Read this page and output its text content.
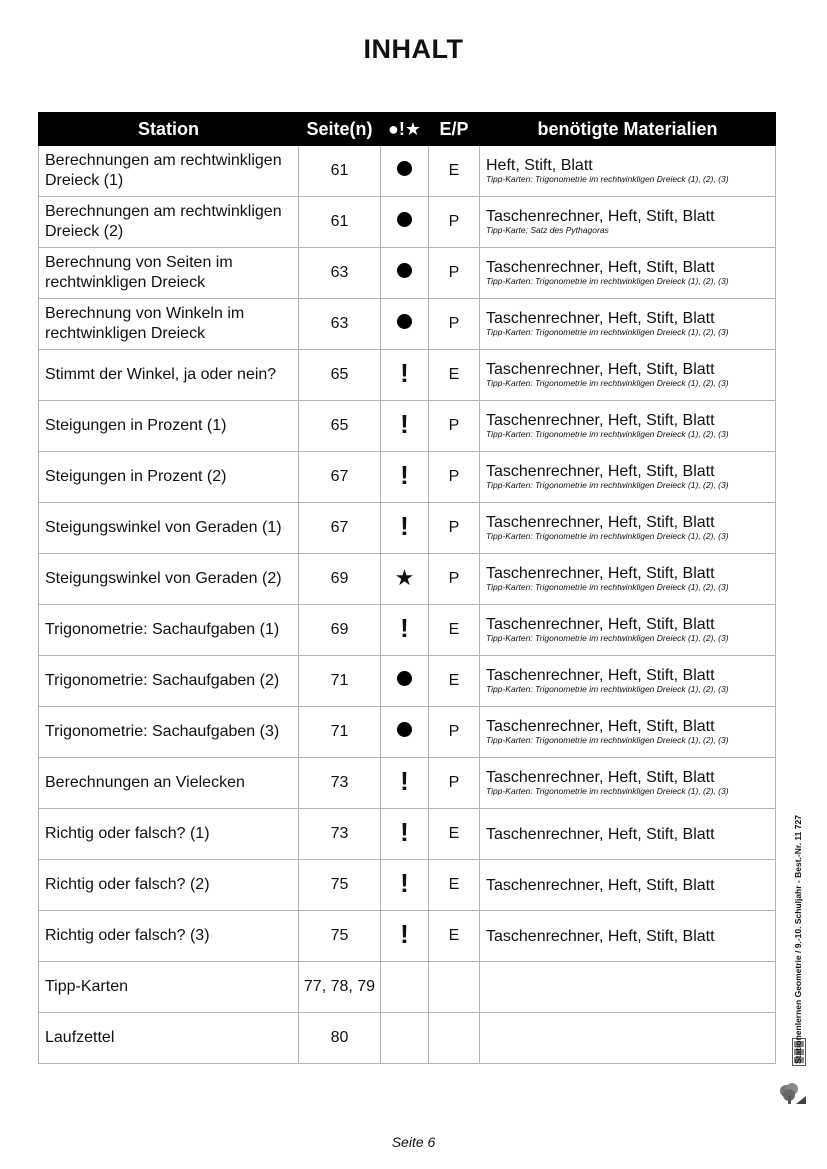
INHALT
Station	Seite(n)	●!★	E/P	benötigte Materialien
Berechnungen am rechtwinkligen Dreieck (1)	61		E	Heft, Stift, Blatt
Tipp-Karten: Trigonometrie im rechtwinkligen Dreieck (1), (2), (3)

Berechnungen am rechtwinkligen Dreieck (2)	61		P	Taschenrechner, Heft, Stift, Blatt
Tipp-Karte: Satz des Pythagoras

Berechnung von Seiten im rechtwinkligen Dreieck	63		P	Taschenrechner, Heft, Stift, Blatt
Tipp-Karten: Trigonometrie im rechtwinkligen Dreieck (1), (2), (3)

Berechnung von Winkeln im rechtwinkligen Dreieck	63		P	Taschenrechner, Heft, Stift, Blatt
Tipp-Karten: Trigonometrie im rechtwinkligen Dreieck (1), (2), (3)

Stimmt der Winkel, ja oder nein?	65	!	E	Taschenrechner, Heft, Stift, Blatt
Tipp-Karten: Trigonometrie im rechtwinkligen Dreieck (1), (2), (3)

Steigungen in Prozent (1)	65	!	P	Taschenrechner, Heft, Stift, Blatt
Tipp-Karten: Trigonometrie im rechtwinkligen Dreieck (1), (2), (3)

Steigungen in Prozent (2)	67	!	P	Taschenrechner, Heft, Stift, Blatt
Tipp-Karten: Trigonometrie im rechtwinkligen Dreieck (1), (2), (3)

Steigungswinkel von Geraden (1)	67	!	P	Taschenrechner, Heft, Stift, Blatt
Tipp-Karten: Trigonometrie im rechtwinkligen Dreieck (1), (2), (3)

Steigungswinkel von Geraden (2)	69	★	P	Taschenrechner, Heft, Stift, Blatt
Tipp-Karten: Trigonometrie im rechtwinkligen Dreieck (1), (2), (3)

Trigonometrie: Sachaufgaben (1)	69	!	E	Taschenrechner, Heft, Stift, Blatt
Tipp-Karten: Trigonometrie im rechtwinkligen Dreieck (1), (2), (3)

Trigonometrie: Sachaufgaben (2)	71		E	Taschenrechner, Heft, Stift, Blatt
Tipp-Karten: Trigonometrie im rechtwinkligen Dreieck (1), (2), (3)

Trigonometrie: Sachaufgaben (3)	71		P	Taschenrechner, Heft, Stift, Blatt
Tipp-Karten: Trigonometrie im rechtwinkligen Dreieck (1), (2), (3)

Berechnungen an Vielecken	73	!	P	Taschenrechner, Heft, Stift, Blatt
Tipp-Karten: Trigonometrie im rechtwinkligen Dreieck (1), (2), (3)

Richtig oder falsch? (1)	73	!	E	Taschenrechner, Heft, Stift, Blatt

Richtig oder falsch? (2)	75	!	E	Taschenrechner, Heft, Stift, Blatt

Richtig oder falsch? (3)	75	!	E	Taschenrechner, Heft, Stift, Blatt

Tipp-Karten	77, 78, 79			
Laufzettel	80				Stationenlernen Geometrie / 9.-10. Schuljahr - Best.-Nr. 11 727
Seite 6
